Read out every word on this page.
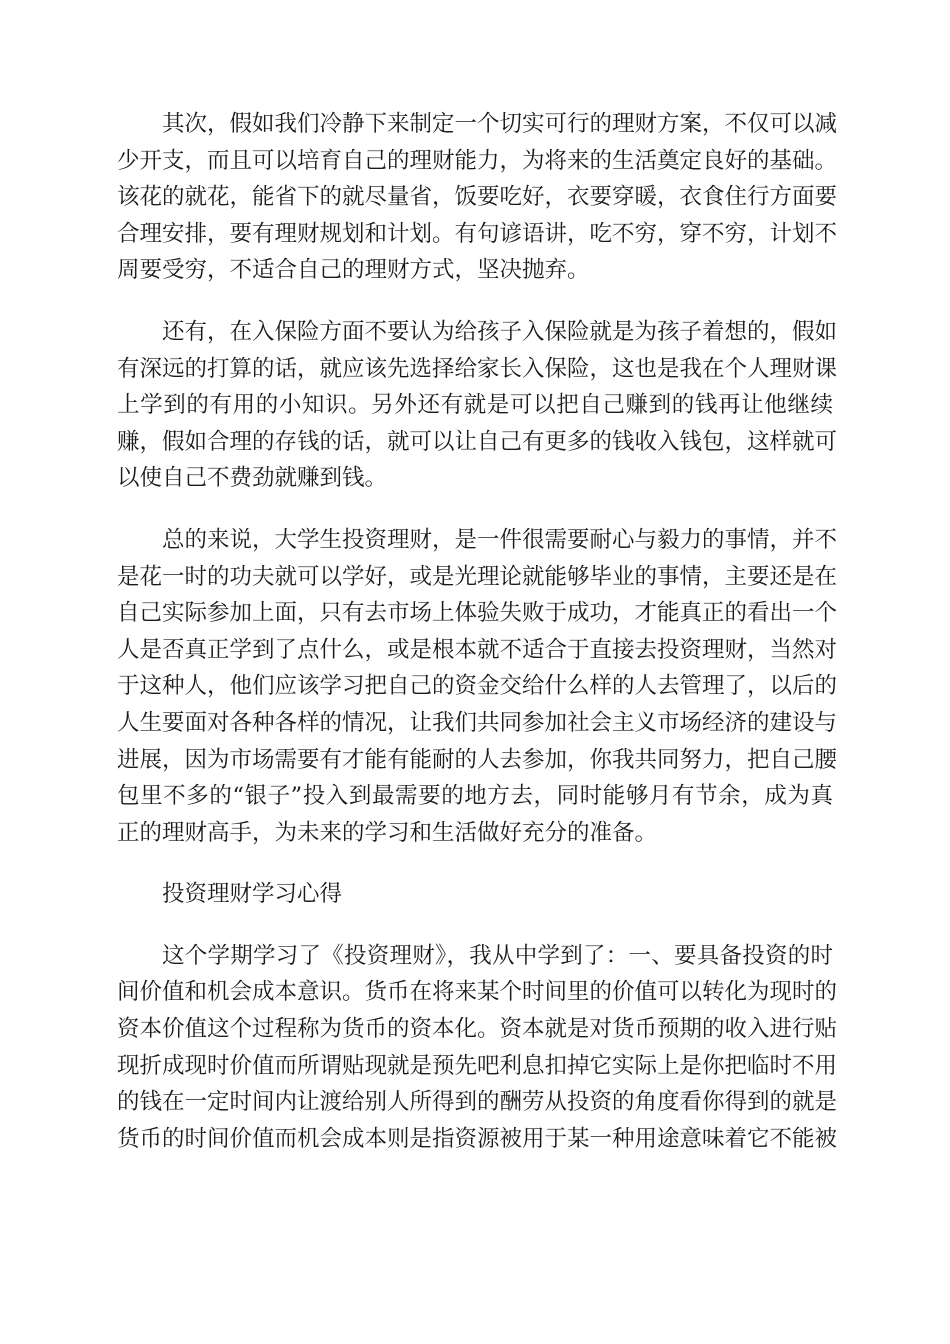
其次，假如我们冷静下来制定一个切实可行的理财方案，不仅可以减
少开支，而且可以培育自己的理财能力，为将来的生活奠定良好的基础。
该花的就花，能省下的就尽量省，饭要吃好，衣要穿暖，衣食住行方面要
合理安排，要有理财规划和计划。有句谚语讲，吃不穷，穿不穷，计划不
周要受穷，不适合自己的理财方式，坚决抛弃。
还有，在入保险方面不要认为给孩子入保险就是为孩子着想的，假如
有深远的打算的话，就应该先选择给家长入保险，这也是我在个人理财课
上学到的有用的小知识。另外还有就是可以把自己赚到的钱再让他继续
赚，假如合理的存钱的话，就可以让自己有更多的钱收入钱包，这样就可
以使自己不费劲就赚到钱。
总的来说，大学生投资理财，是一件很需要耐心与毅力的事情，并不
是花一时的功夫就可以学好，或是光理论就能够毕业的事情，主要还是在
自己实际参加上面，只有去市场上体验失败于成功，才能真正的看出一个
人是否真正学到了点什么，或是根本就不适合于直接去投资理财，当然对
于这种人，他们应该学习把自己的资金交给什么样的人去管理了，以后的
人生要面对各种各样的情况，让我们共同参加社会主义市场经济的建设与
进展，因为市场需要有才能有能耐的人去参加，你我共同努力，把自己腰
包里不多的“银子”投入到最需要的地方去，同时能够月有节余，成为真
正的理财高手，为未来的学习和生活做好充分的准备。
投资理财学习心得
这个学期学习了《投资理财》，我从中学到了：一、要具备投资的时
间价值和机会成本意识。货币在将来某个时间里的价值可以转化为现时的
资本价值这个过程称为货币的资本化。资本就是对货币预期的收入进行贴
现折成现时价值而所谓贴现就是预先吧利息扣掉它实际上是你把临时不用
的钱在一定时间内让渡给别人所得到的酬劳从投资的角度看你得到的就是
货币的时间价值而机会成本则是指资源被用于某一种用途意味着它不能被
